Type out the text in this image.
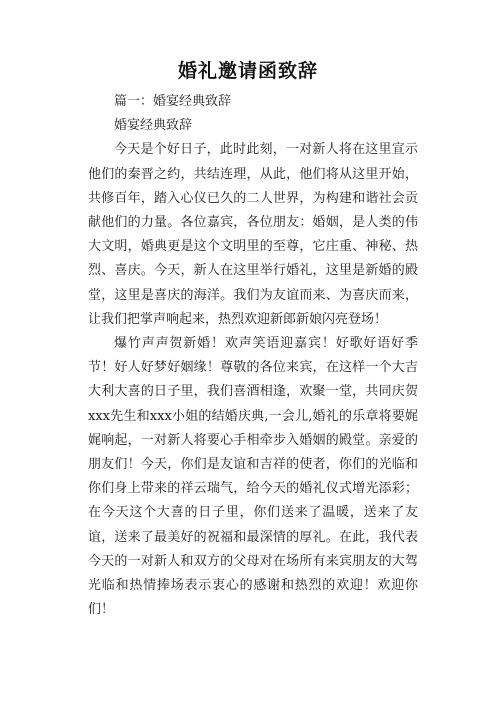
婚礼邀请函致辞
篇一：婚宴经典致辞
婚宴经典致辞

今天是个好日子，此时此刻，一对新人将在这里宣示他们的秦晋之约，共结连理，从此，他们将从这里开始，共修百年，踏入心仪已久的二人世界，为构建和谐社会贡献他们的力量。各位嘉宾，各位朋友：婚姻，是人类的伟大文明，婚典更是这个文明里的至尊，它庄重、神秘、热烈、喜庆。今天，新人在这里举行婚礼，这里是新婚的殿堂，这里是喜庆的海洋。我们为友谊而来、为喜庆而来，让我们把掌声响起来，热烈欢迎新郎新娘闪亮登场！

爆竹声声贺新婚！欢声笑语迎嘉宾！好歌好语好季节！好人好梦好姻缘！尊敬的各位来宾，在这样一个大吉大利大喜的日子里，我们喜酒相逢，欢聚一堂，共同庆贺xxx先生和xxx小姐的结婚庆典,一会儿,婚礼的乐章将要娓娓响起，一对新人将要心手相牵步入婚姻的殿堂。亲爱的朋友们！今天，你们是友谊和吉祥的使者，你们的光临和你们身上带来的祥云瑞气，给今天的婚礼仪式增光添彩；在今天这个大喜的日子里，你们送来了温暖，送来了友谊，送来了最美好的祝福和最深情的厚礼。在此，我代表今天的一对新人和双方的父母对在场所有来宾朋友的大驾光临和热情捧场表示衷心的感谢和热烈的欢迎！欢迎你们！
